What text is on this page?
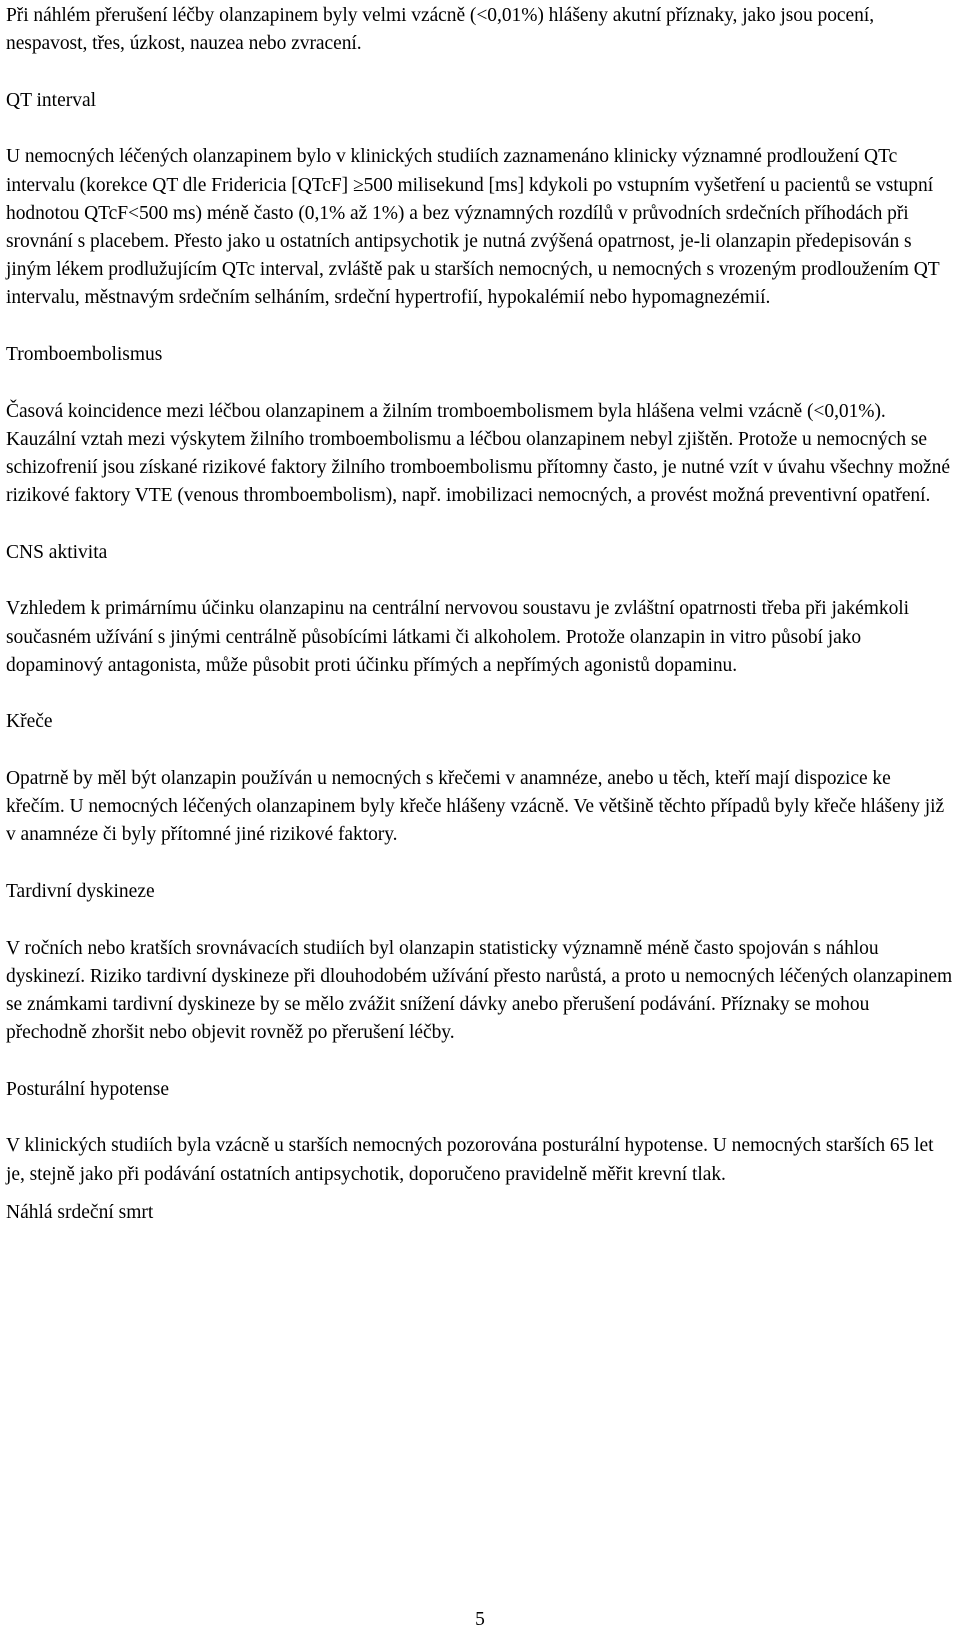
Při náhlém přerušení léčby olanzapinem byly velmi vzácně (<0,01%) hlášeny akutní příznaky, jako jsou pocení, nespavost, třes, úzkost, nauzea nebo zvracení.

QT interval

U nemocných léčených olanzapinem bylo v klinických studiích zaznamenáno klinicky významné prodloužení QTc intervalu (korekce QT dle Fridericia [QTcF] ≥500 milisekund [ms] kdykoli po vstupním vyšetření u pacientů se vstupní hodnotou QTcF<500 ms) méně často (0,1% až 1%) a bez významných rozdílů v průvodních srdečních příhodách při srovnání s placebem. Přesto jako u ostatních antipsychotik je nutná zvýšená opatrnost, je-li olanzapin předepisován s jiným lékem prodlužujícím QTc interval, zvláště pak u starších nemocných, u nemocných s vrozeným prodloužením QT intervalu, městnavým srdečním selháním, srdeční hypertrofií, hypokalémií nebo hypomagnezémií.

Tromboembolismus

Časová koincidence mezi léčbou olanzapinem a žilním tromboembolismem byla hlášena velmi vzácně (<0,01%). Kauzální vztah mezi výskytem žilního tromboembolismu a léčbou olanzapinem nebyl zjištěn. Protože u nemocných se schizofrenií jsou získané rizikové faktory žilního tromboembolismu přítomny často, je nutné vzít v úvahu všechny možné rizikové faktory VTE (venous thromboembolism), např. imobilizaci nemocných, a provést možná preventivní opatření.

CNS aktivita

Vzhledem k primárnímu účinku olanzapinu na centrální nervovou soustavu je zvláštní opatrnosti třeba při jakémkoli současném užívání s jinými centrálně působícími látkami či alkoholem. Protože olanzapin in vitro působí jako dopaminový antagonista, může působit proti účinku přímých a nepřímých agonistů dopaminu.

Křeče

Opatrně by měl být olanzapin používán u nemocných s křečemi v anamnéze, anebo u těch, kteří mají dispozice ke křečím. U nemocných léčených olanzapinem byly křeče hlášeny vzácně. Ve většině těchto případů byly křeče hlášeny již v anamnéze či byly přítomné jiné rizikové faktory.

Tardivní dyskineze

V ročních nebo kratších srovnávacích studiích byl olanzapin statisticky významně méně často spojován s náhlou dyskinezí. Riziko tardivní dyskineze při dlouhodobém užívání přesto narůstá, a proto u nemocných léčených olanzapinem se známkami tardivní dyskineze by se mělo zvážit snížení dávky anebo přerušení podávání. Příznaky se mohou přechodně zhoršit nebo objevit rovněž po přerušení léčby.

Posturální hypotense

V klinických studiích byla vzácně u starších nemocných pozorována posturální hypotense. U nemocných starších 65 let je, stejně jako při podávání ostatních antipsychotik, doporučeno pravidelně měřit krevní tlak.

Náhlá srdeční smrt

5
